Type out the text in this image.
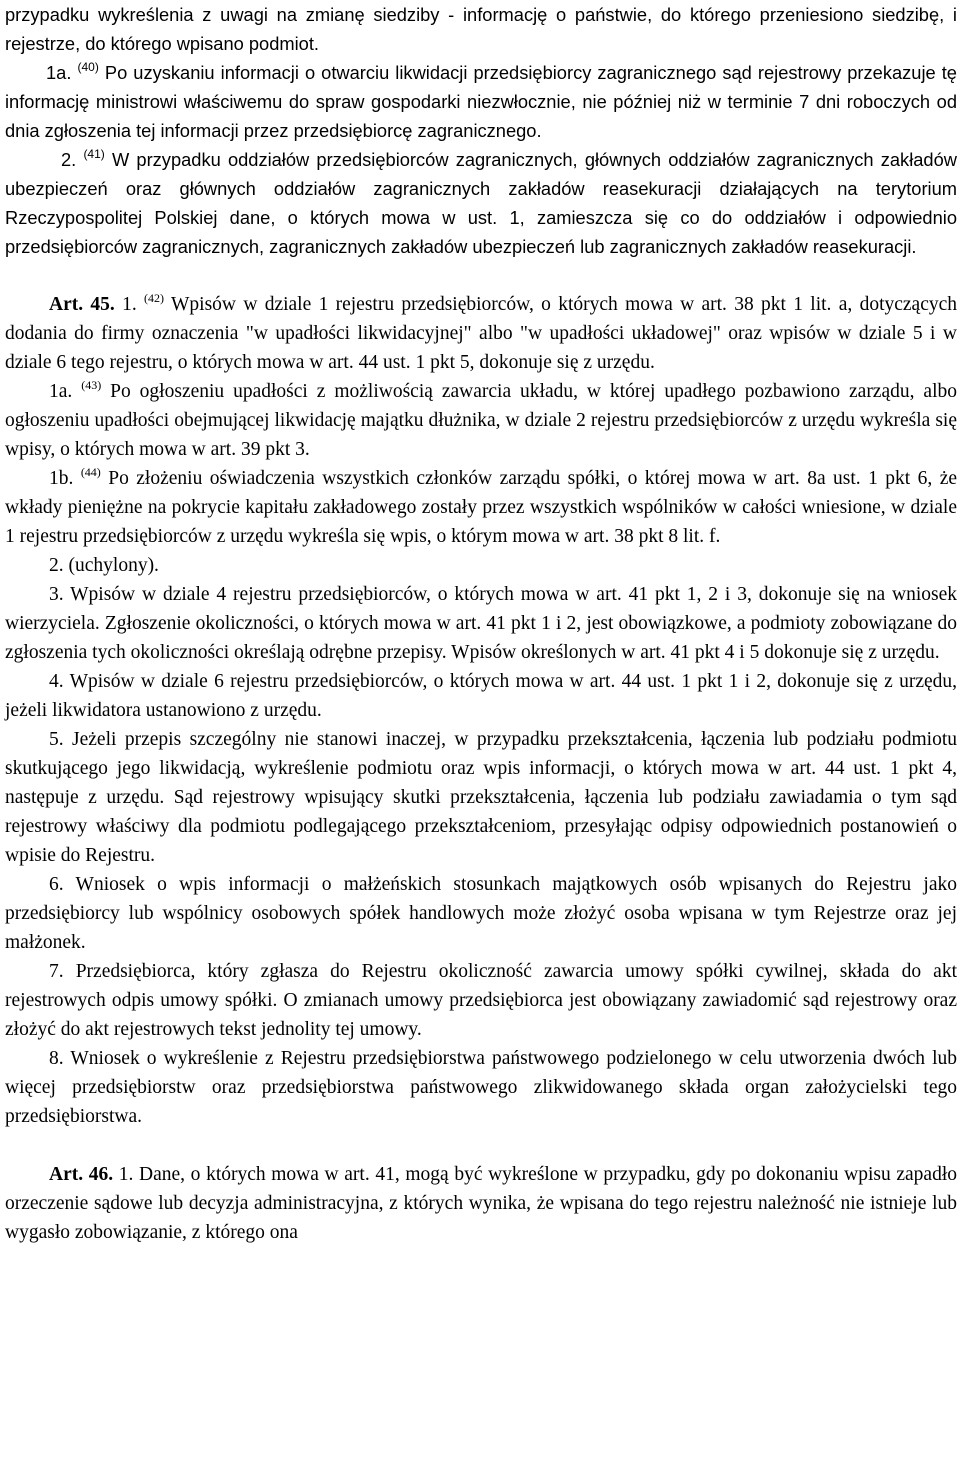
przypadku wykreślenia z uwagi na zmianę siedziby - informację o państwie, do którego przeniesiono siedzibę, i rejestrze, do którego wpisano podmiot.

1a. $^{(40)}$ Po uzyskaniu informacji o otwarciu likwidacji przedsiębiorcy zagranicznego sąd rejestrowy przekazuje tę informację ministrowi właściwemu do spraw gospodarki niezwłocznie, nie później niż w terminie 7 dni roboczych od dnia zgłoszenia tej informacji przez przedsiębiorcę zagranicznego.

2. $^{(41)}$ W przypadku oddziałów przedsiębiorców zagranicznych, głównych oddziałów zagranicznych zakładów ubezpieczeń oraz głównych oddziałów zagranicznych zakładów reasekuracji działających na terytorium Rzeczypospolitej Polskiej dane, o których mowa w ust. 1, zamieszcza się co do oddziałów i odpowiednio przedsiębiorców zagranicznych, zagranicznych zakładów ubezpieczeń lub zagranicznych zakładów reasekuracji.

Art. 45. 1. $^{(42)}$ Wpisów w dziale 1 rejestru przedsiębiorców, o których mowa w art. 38 pkt 1 lit. a, dotyczących dodania do firmy oznaczenia "w upadłości likwidacyjnej" albo "w upadłości układowej" oraz wpisów w dziale 5 i w dziale 6 tego rejestru, o których mowa w art. 44 ust. 1 pkt 5, dokonuje się z urzędu.

1a. $^{(43)}$ Po ogłoszeniu upadłości z możliwością zawarcia układu, w której upadłego pozbawiono zarządu, albo ogłoszeniu upadłości obejmującej likwidację majątku dłużnika, w dziale 2 rejestru przedsiębiorców z urzędu wykreśla się wpisy, o których mowa w art. 39 pkt 3.

1b. $^{(44)}$ Po złożeniu oświadczenia wszystkich członków zarządu spółki, o której mowa w art. 8a ust. 1 pkt 6, że wkłady pieniężne na pokrycie kapitału zakładowego zostały przez wszystkich wspólników w całości wniesione, w dziale 1 rejestru przedsiębiorców z urzędu wykreśla się wpis, o którym mowa w art. 38 pkt 8 lit. f.

2. (uchylony).

3. Wpisów w dziale 4 rejestru przedsiębiorców, o których mowa w art. 41 pkt 1, 2 i 3, dokonuje się na wniosek wierzyciela. Zgłoszenie okoliczności, o których mowa w art. 41 pkt 1 i 2, jest obowiązkowe, a podmioty zobowiązane do zgłoszenia tych okoliczności określają odrębne przepisy. Wpisów określonych w art. 41 pkt 4 i 5 dokonuje się z urzędu.

4. Wpisów w dziale 6 rejestru przedsiębiorców, o których mowa w art. 44 ust. 1 pkt 1 i 2, dokonuje się z urzędu, jeżeli likwidatora ustanowiono z urzędu.

5. Jeżeli przepis szczególny nie stanowi inaczej, w przypadku przekształcenia, łączenia lub podziału podmiotu skutkującego jego likwidacją, wykreślenie podmiotu oraz wpis informacji, o których mowa w art. 44 ust. 1 pkt 4, następuje z urzędu. Sąd rejestrowy wpisujący skutki przekształcenia, łączenia lub podziału zawiadamia o tym sąd rejestrowy właściwy dla podmiotu podlegającego przekształceniom, przesyłając odpisy odpowiednich postanowień o wpisie do Rejestru.

6. Wniosek o wpis informacji o małżeńskich stosunkach majątkowych osób wpisanych do Rejestru jako przedsiębiorcy lub wspólnicy osobowych spółek handlowych może złożyć osoba wpisana w tym Rejestrze oraz jej małżonek.

7. Przedsiębiorca, który zgłasza do Rejestru okoliczność zawarcia umowy spółki cywilnej, składa do akt rejestrowych odpis umowy spółki. O zmianach umowy przedsiębiorca jest obowiązany zawiadomić sąd rejestrowy oraz złożyć do akt rejestrowych tekst jednolity tej umowy.

8. Wniosek o wykreślenie z Rejestru przedsiębiorstwa państwowego podzielonego w celu utworzenia dwóch lub więcej przedsiębiorstw oraz przedsiębiorstwa państwowego zlikwidowanego składa organ założycielski tego przedsiębiorstwa.

Art. 46. 1. Dane, o których mowa w art. 41, mogą być wykreślone w przypadku, gdy po dokonaniu wpisu zapadło orzeczenie sądowe lub decyzja administracyjna, z których wynika, że wpisana do tego rejestru należność nie istnieje lub wygasło zobowiązanie, z którego ona
